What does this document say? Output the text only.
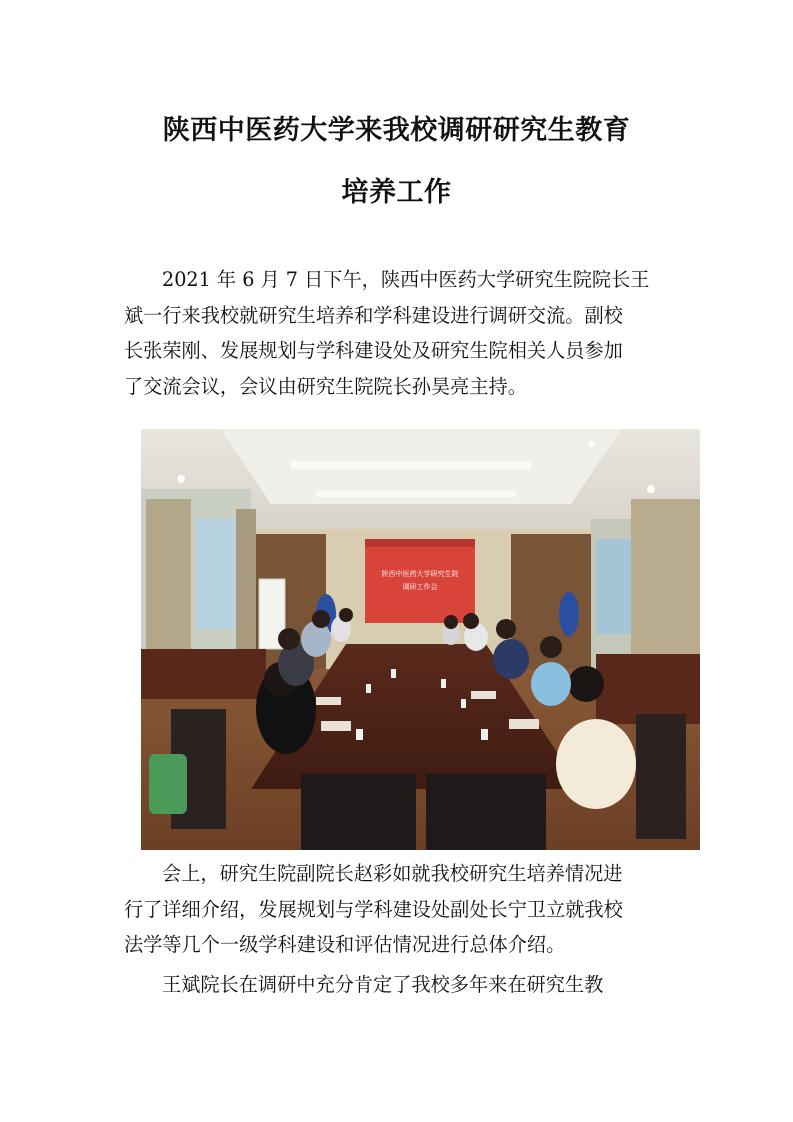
陕西中医药大学来我校调研研究生教育
培养工作

2021 年 6 月 7 日下午，陕西中医药大学研究生院院长王
斌一行来我校就研究生培养和学科建设进行调研交流。副校
长张荣刚、发展规划与学科建设处及研究生院相关人员参加
了交流会议，会议由研究生院院长孙昊亮主持。

陕西中医药大学研究生院
调研工作会

会上，研究生院副院长赵彩如就我校研究生培养情况进
行了详细介绍，发展规划与学科建设处副处长宁卫立就我校
法学等几个一级学科建设和评估情况进行总体介绍。

王斌院长在调研中充分肯定了我校多年来在研究生教
